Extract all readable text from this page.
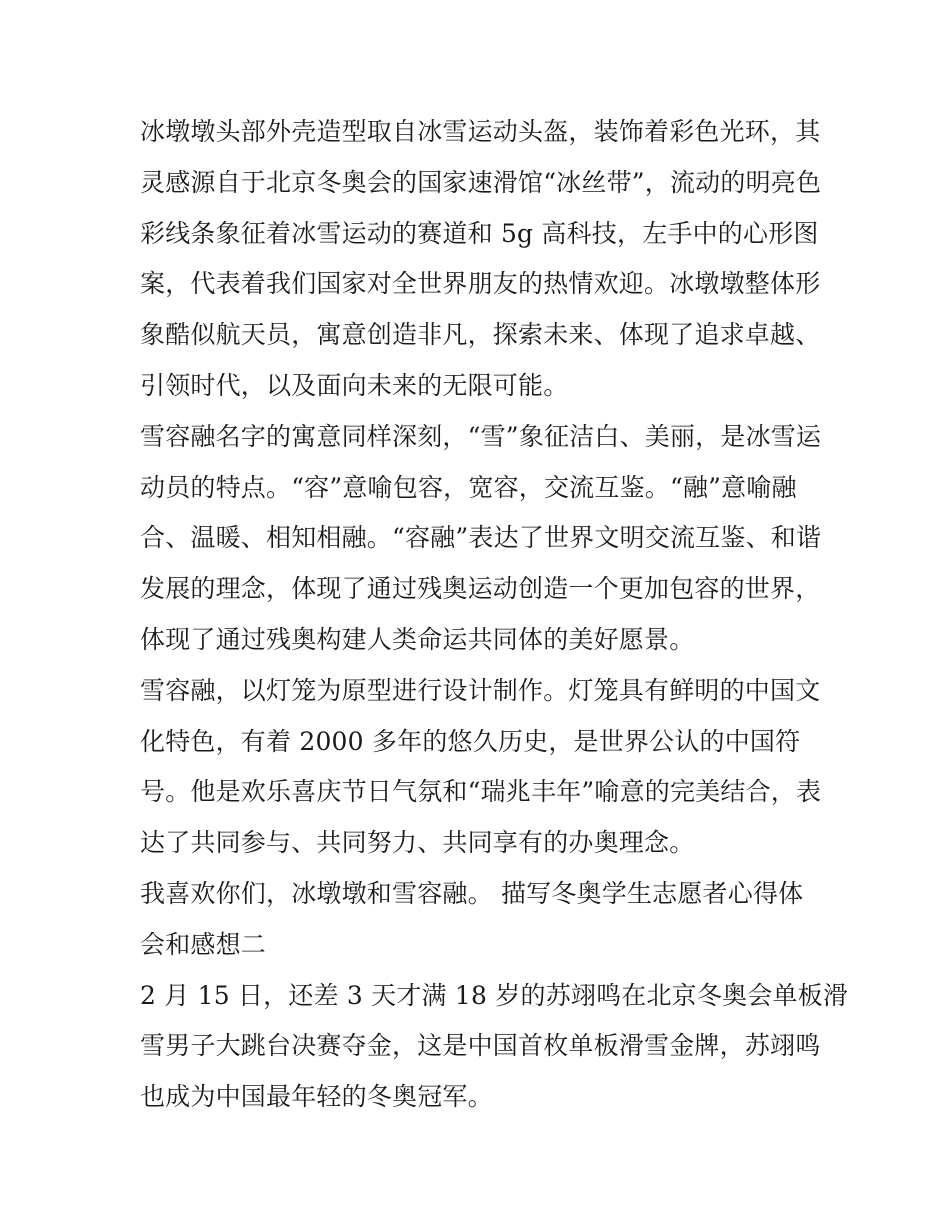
冰墩墩头部外壳造型取自冰雪运动头盔，装饰着彩色光环，其
灵感源自于北京冬奥会的国家速滑馆“冰丝带”，流动的明亮色
彩线条象征着冰雪运动的赛道和 5g 高科技，左手中的心形图
案，代表着我们国家对全世界朋友的热情欢迎。冰墩墩整体形
象酷似航天员，寓意创造非凡，探索未来、体现了追求卓越、
引领时代，以及面向未来的无限可能。
雪容融名字的寓意同样深刻，“雪”象征洁白、美丽，是冰雪运
动员的特点。“容”意喻包容，宽容，交流互鉴。“融”意喻融
合、温暖、相知相融。“容融”表达了世界文明交流互鉴、和谐
发展的理念，体现了通过残奥运动创造一个更加包容的世界，
体现了通过残奥构建人类命运共同体的美好愿景。
雪容融，以灯笼为原型进行设计制作。灯笼具有鲜明的中国文
化特色，有着 2000 多年的悠久历史，是世界公认的中国符
号。他是欢乐喜庆节日气氛和“瑞兆丰年”喻意的完美结合，表
达了共同参与、共同努力、共同享有的办奥理念。
我喜欢你们，冰墩墩和雪容融。 描写冬奥学生志愿者心得体
会和感想二
2 月 15 日，还差 3 天才满 18 岁的苏翊鸣在北京冬奥会单板滑
雪男子大跳台决赛夺金，这是中国首枚单板滑雪金牌，苏翊鸣
也成为中国最年轻的冬奥冠军。
